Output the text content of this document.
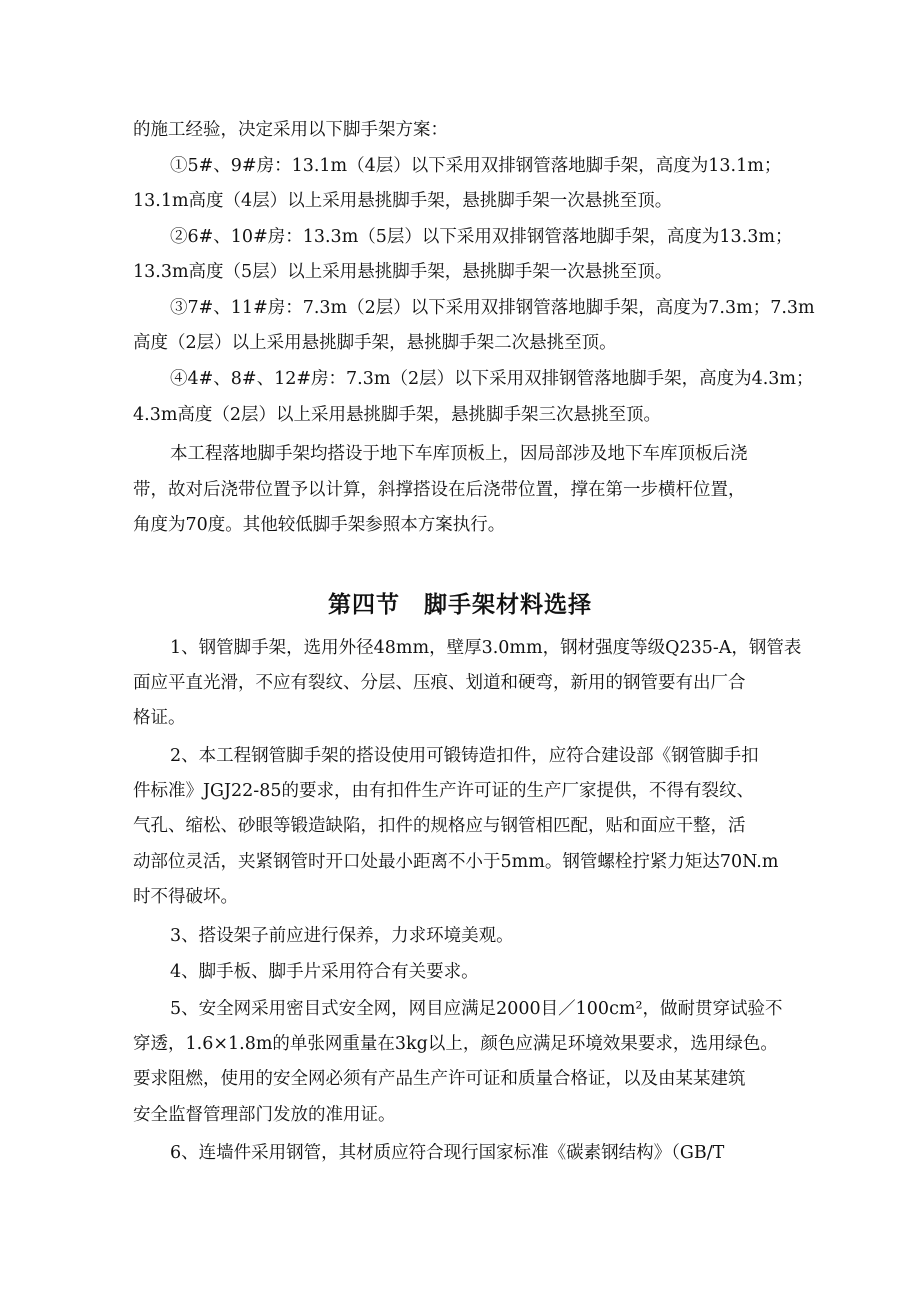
的施工经验，决定采用以下脚手架方案：
①5#、9#房：13.1m（4层）以下采用双排钢管落地脚手架，高度为13.1m；
13.1m高度（4层）以上采用悬挑脚手架，悬挑脚手架一次悬挑至顶。
②6#、10#房：13.3m（5层）以下采用双排钢管落地脚手架，高度为13.3m；
13.3m高度（5层）以上采用悬挑脚手架，悬挑脚手架一次悬挑至顶。
③7#、11#房：7.3m（2层）以下采用双排钢管落地脚手架，高度为7.3m；7.3m
高度（2层）以上采用悬挑脚手架，悬挑脚手架二次悬挑至顶。
④4#、8#、12#房：7.3m（2层）以下采用双排钢管落地脚手架，高度为4.3m；
4.3m高度（2层）以上采用悬挑脚手架，悬挑脚手架三次悬挑至顶。
本工程落地脚手架均搭设于地下车库顶板上，因局部涉及地下车库顶板后浇
带，故对后浇带位置予以计算，斜撑搭设在后浇带位置，撑在第一步横杆位置，
角度为70度。其他较低脚手架参照本方案执行。
第四节　脚手架材料选择
1、钢管脚手架，选用外径48mm，壁厚3.0mm，钢材强度等级Q235-A，钢管表
面应平直光滑，不应有裂纹、分层、压痕、划道和硬弯，新用的钢管要有出厂合
格证。
2、本工程钢管脚手架的搭设使用可锻铸造扣件，应符合建设部《钢管脚手扣
件标准》JGJ22-85的要求，由有扣件生产许可证的生产厂家提供，不得有裂纹、
气孔、缩松、砂眼等锻造缺陷，扣件的规格应与钢管相匹配，贴和面应干整，活
动部位灵活，夹紧钢管时开口处最小距离不小于5mm。钢管螺栓拧紧力矩达70N.m
时不得破坏。
3、搭设架子前应进行保养，力求环境美观。
4、脚手板、脚手片采用符合有关要求。
5、安全网采用密目式安全网，网目应满足2000目／100cm²，做耐贯穿试验不
穿透，1.6×1.8m的单张网重量在3kg以上，颜色应满足环境效果要求，选用绿色。
要求阻燃，使用的安全网必须有产品生产许可证和质量合格证，以及由某某建筑
安全监督管理部门发放的准用证。
6、连墙件采用钢管，其材质应符合现行国家标准《碳素钢结构》（GB/T
